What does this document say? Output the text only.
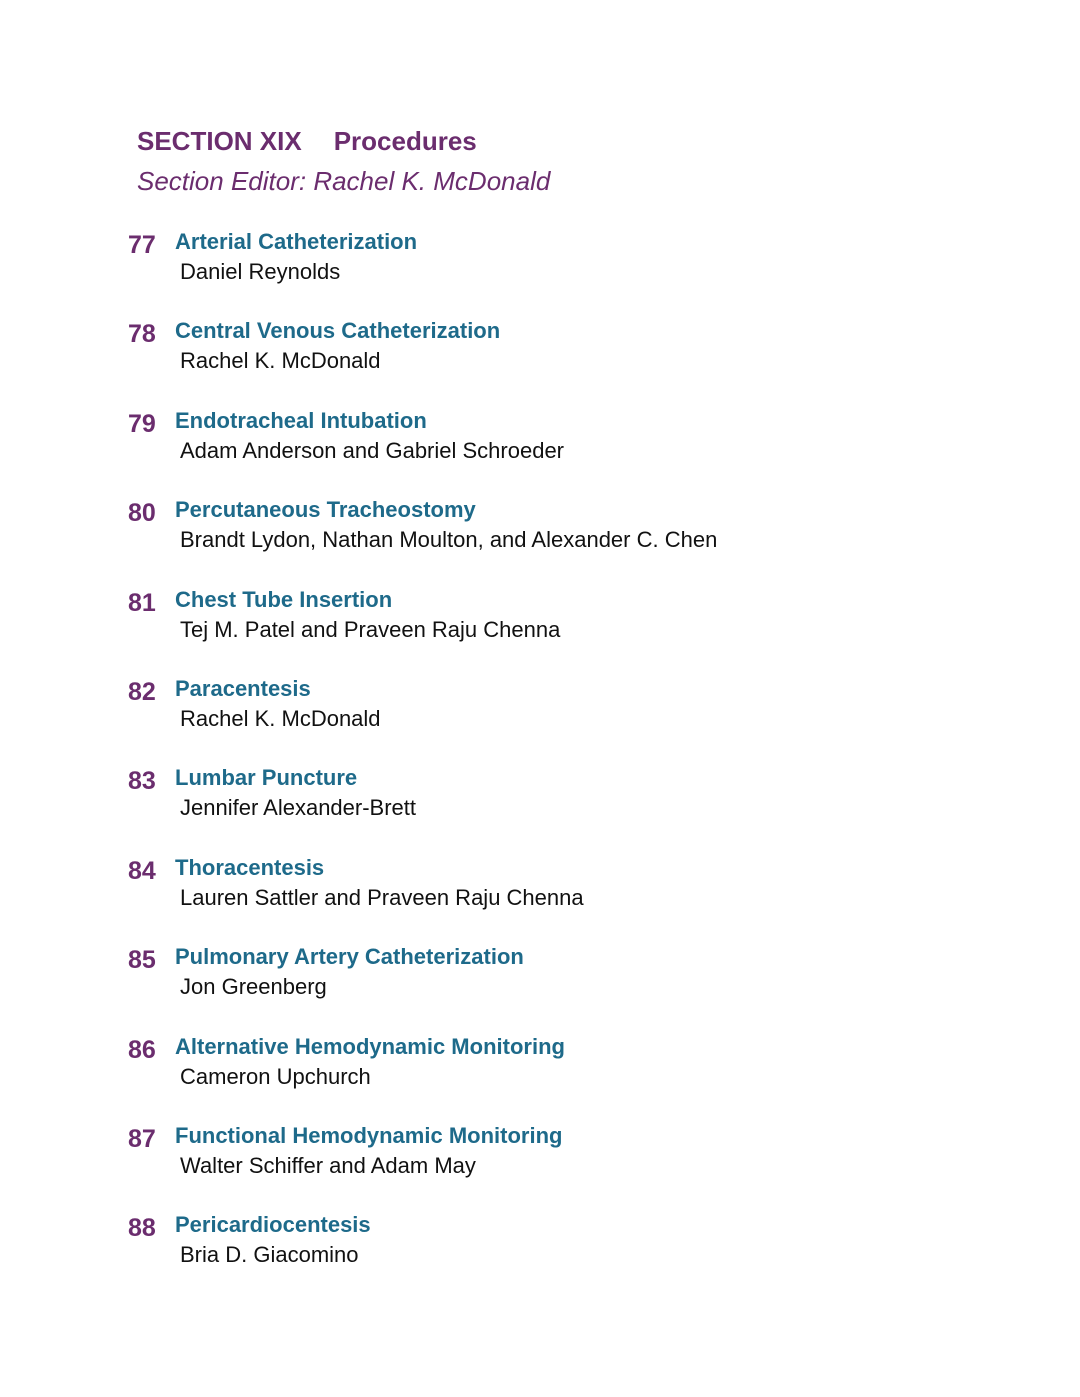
SECTION XIX Procedures
Section Editor: Rachel K. McDonald
77 Arterial Catheterization
Daniel Reynolds
78 Central Venous Catheterization
Rachel K. McDonald
79 Endotracheal Intubation
Adam Anderson and Gabriel Schroeder
80 Percutaneous Tracheostomy
Brandt Lydon, Nathan Moulton, and Alexander C. Chen
81 Chest Tube Insertion
Tej M. Patel and Praveen Raju Chenna
82 Paracentesis
Rachel K. McDonald
83 Lumbar Puncture
Jennifer Alexander-Brett
84 Thoracentesis
Lauren Sattler and Praveen Raju Chenna
85 Pulmonary Artery Catheterization
Jon Greenberg
86 Alternative Hemodynamic Monitoring
Cameron Upchurch
87 Functional Hemodynamic Monitoring
Walter Schiffer and Adam May
88 Pericardiocentesis
Bria D. Giacomino
